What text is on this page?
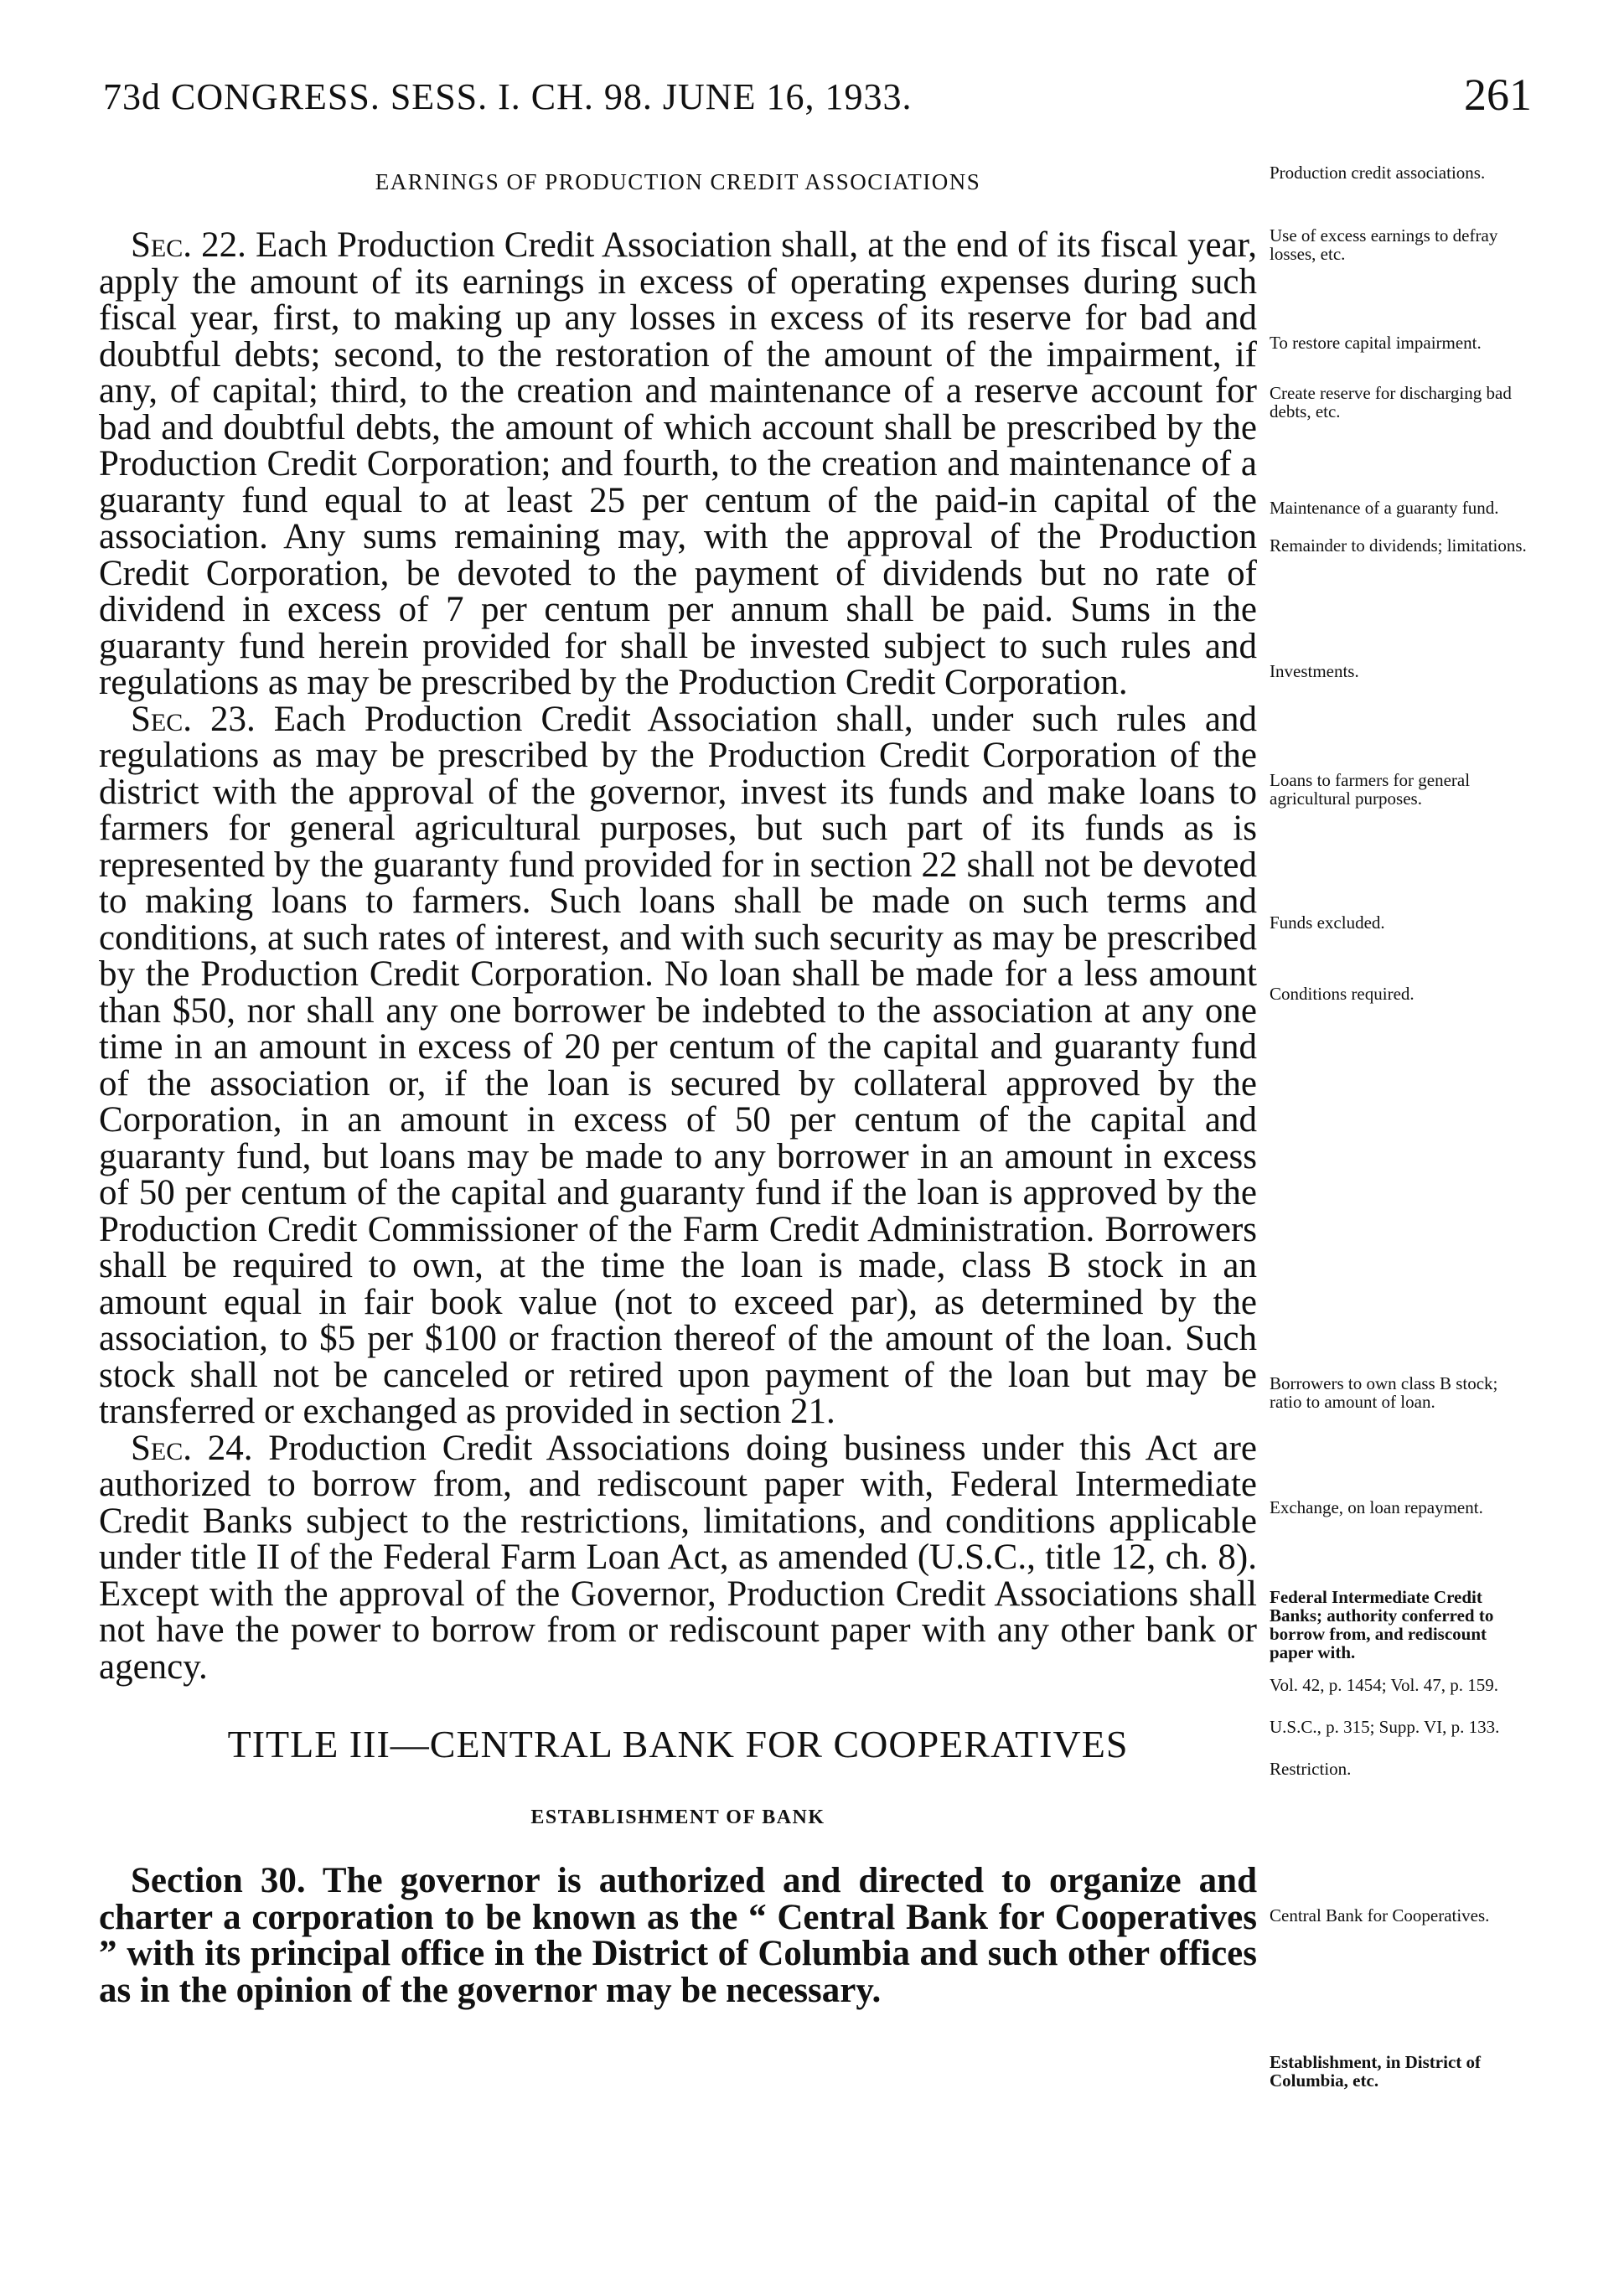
73d CONGRESS. SESS. I. CH. 98. JUNE 16, 1933.	261

EARNINGS OF PRODUCTION CREDIT ASSOCIATIONS

Sec. 22. Each Production Credit Association shall, at the end of its fiscal year, apply the amount of its earnings in excess of operating expenses during such fiscal year, first, to making up any losses in excess of its reserve for bad and doubtful debts; second, to the restoration of the amount of the impairment, if any, of capital; third, to the creation and maintenance of a reserve account for bad and doubtful debts, the amount of which account shall be prescribed by the Production Credit Corporation; and fourth, to the creation and maintenance of a guaranty fund equal to at least 25 per centum of the paid-in capital of the association. Any sums remaining may, with the approval of the Production Credit Corporation, be devoted to the payment of dividends but no rate of dividend in excess of 7 per centum per annum shall be paid. Sums in the guaranty fund herein provided for shall be invested subject to such rules and regulations as may be prescribed by the Production Credit Corporation.

Sec. 23. Each Production Credit Association shall, under such rules and regulations as may be prescribed by the Production Credit Corporation of the district with the approval of the governor, invest its funds and make loans to farmers for general agricultural purposes, but such part of its funds as is represented by the guaranty fund provided for in section 22 shall not be devoted to making loans to farmers. Such loans shall be made on such terms and conditions, at such rates of interest, and with such security as may be prescribed by the Production Credit Corporation. No loan shall be made for a less amount than $50, nor shall any one borrower be indebted to the association at any one time in an amount in excess of 20 per centum of the capital and guaranty fund of the association or, if the loan is secured by collateral approved by the Corporation, in an amount in excess of 50 per centum of the capital and guaranty fund, but loans may be made to any borrower in an amount in excess of 50 per centum of the capital and guaranty fund if the loan is approved by the Production Credit Commissioner of the Farm Credit Administration. Borrowers shall be required to own, at the time the loan is made, class B stock in an amount equal in fair book value (not to exceed par), as determined by the association, to $5 per $100 or fraction thereof of the amount of the loan. Such stock shall not be canceled or retired upon payment of the loan but may be transferred or exchanged as provided in section 21.

Sec. 24. Production Credit Associations doing business under this Act are authorized to borrow from, and rediscount paper with, Federal Intermediate Credit Banks subject to the restrictions, limitations, and conditions applicable under title II of the Federal Farm Loan Act, as amended (U.S.C., title 12, ch. 8). Except with the approval of the Governor, Production Credit Associations shall not have the power to borrow from or rediscount paper with any other bank or agency.

TITLE III—CENTRAL BANK FOR COOPERATIVES

ESTABLISHMENT OF BANK

Section 30. The governor is authorized and directed to organize and charter a corporation to be known as the “ Central Bank for Cooperatives ” with its principal office in the District of Columbia and such other offices as in the opinion of the governor may be necessary.

Production credit associations.

Use of excess earnings to defray losses, etc.

To restore capital impairment.

Create reserve for discharging bad debts, etc.

Maintenance of a guaranty fund.

Remainder to dividends; limitations.

Investments.

Loans to farmers for general agricultural purposes.

Funds excluded.

Conditions required.

Borrowers to own class B stock; ratio to amount of loan.

Exchange, on loan repayment.

Federal Intermediate Credit Banks; authority conferred to borrow from, and rediscount paper with.

Vol. 42, p. 1454; Vol. 47, p. 159.

U.S.C., p. 315; Supp. VI, p. 133.

Restriction.

Central Bank for Cooperatives.

Establishment, in District of Columbia, etc.
